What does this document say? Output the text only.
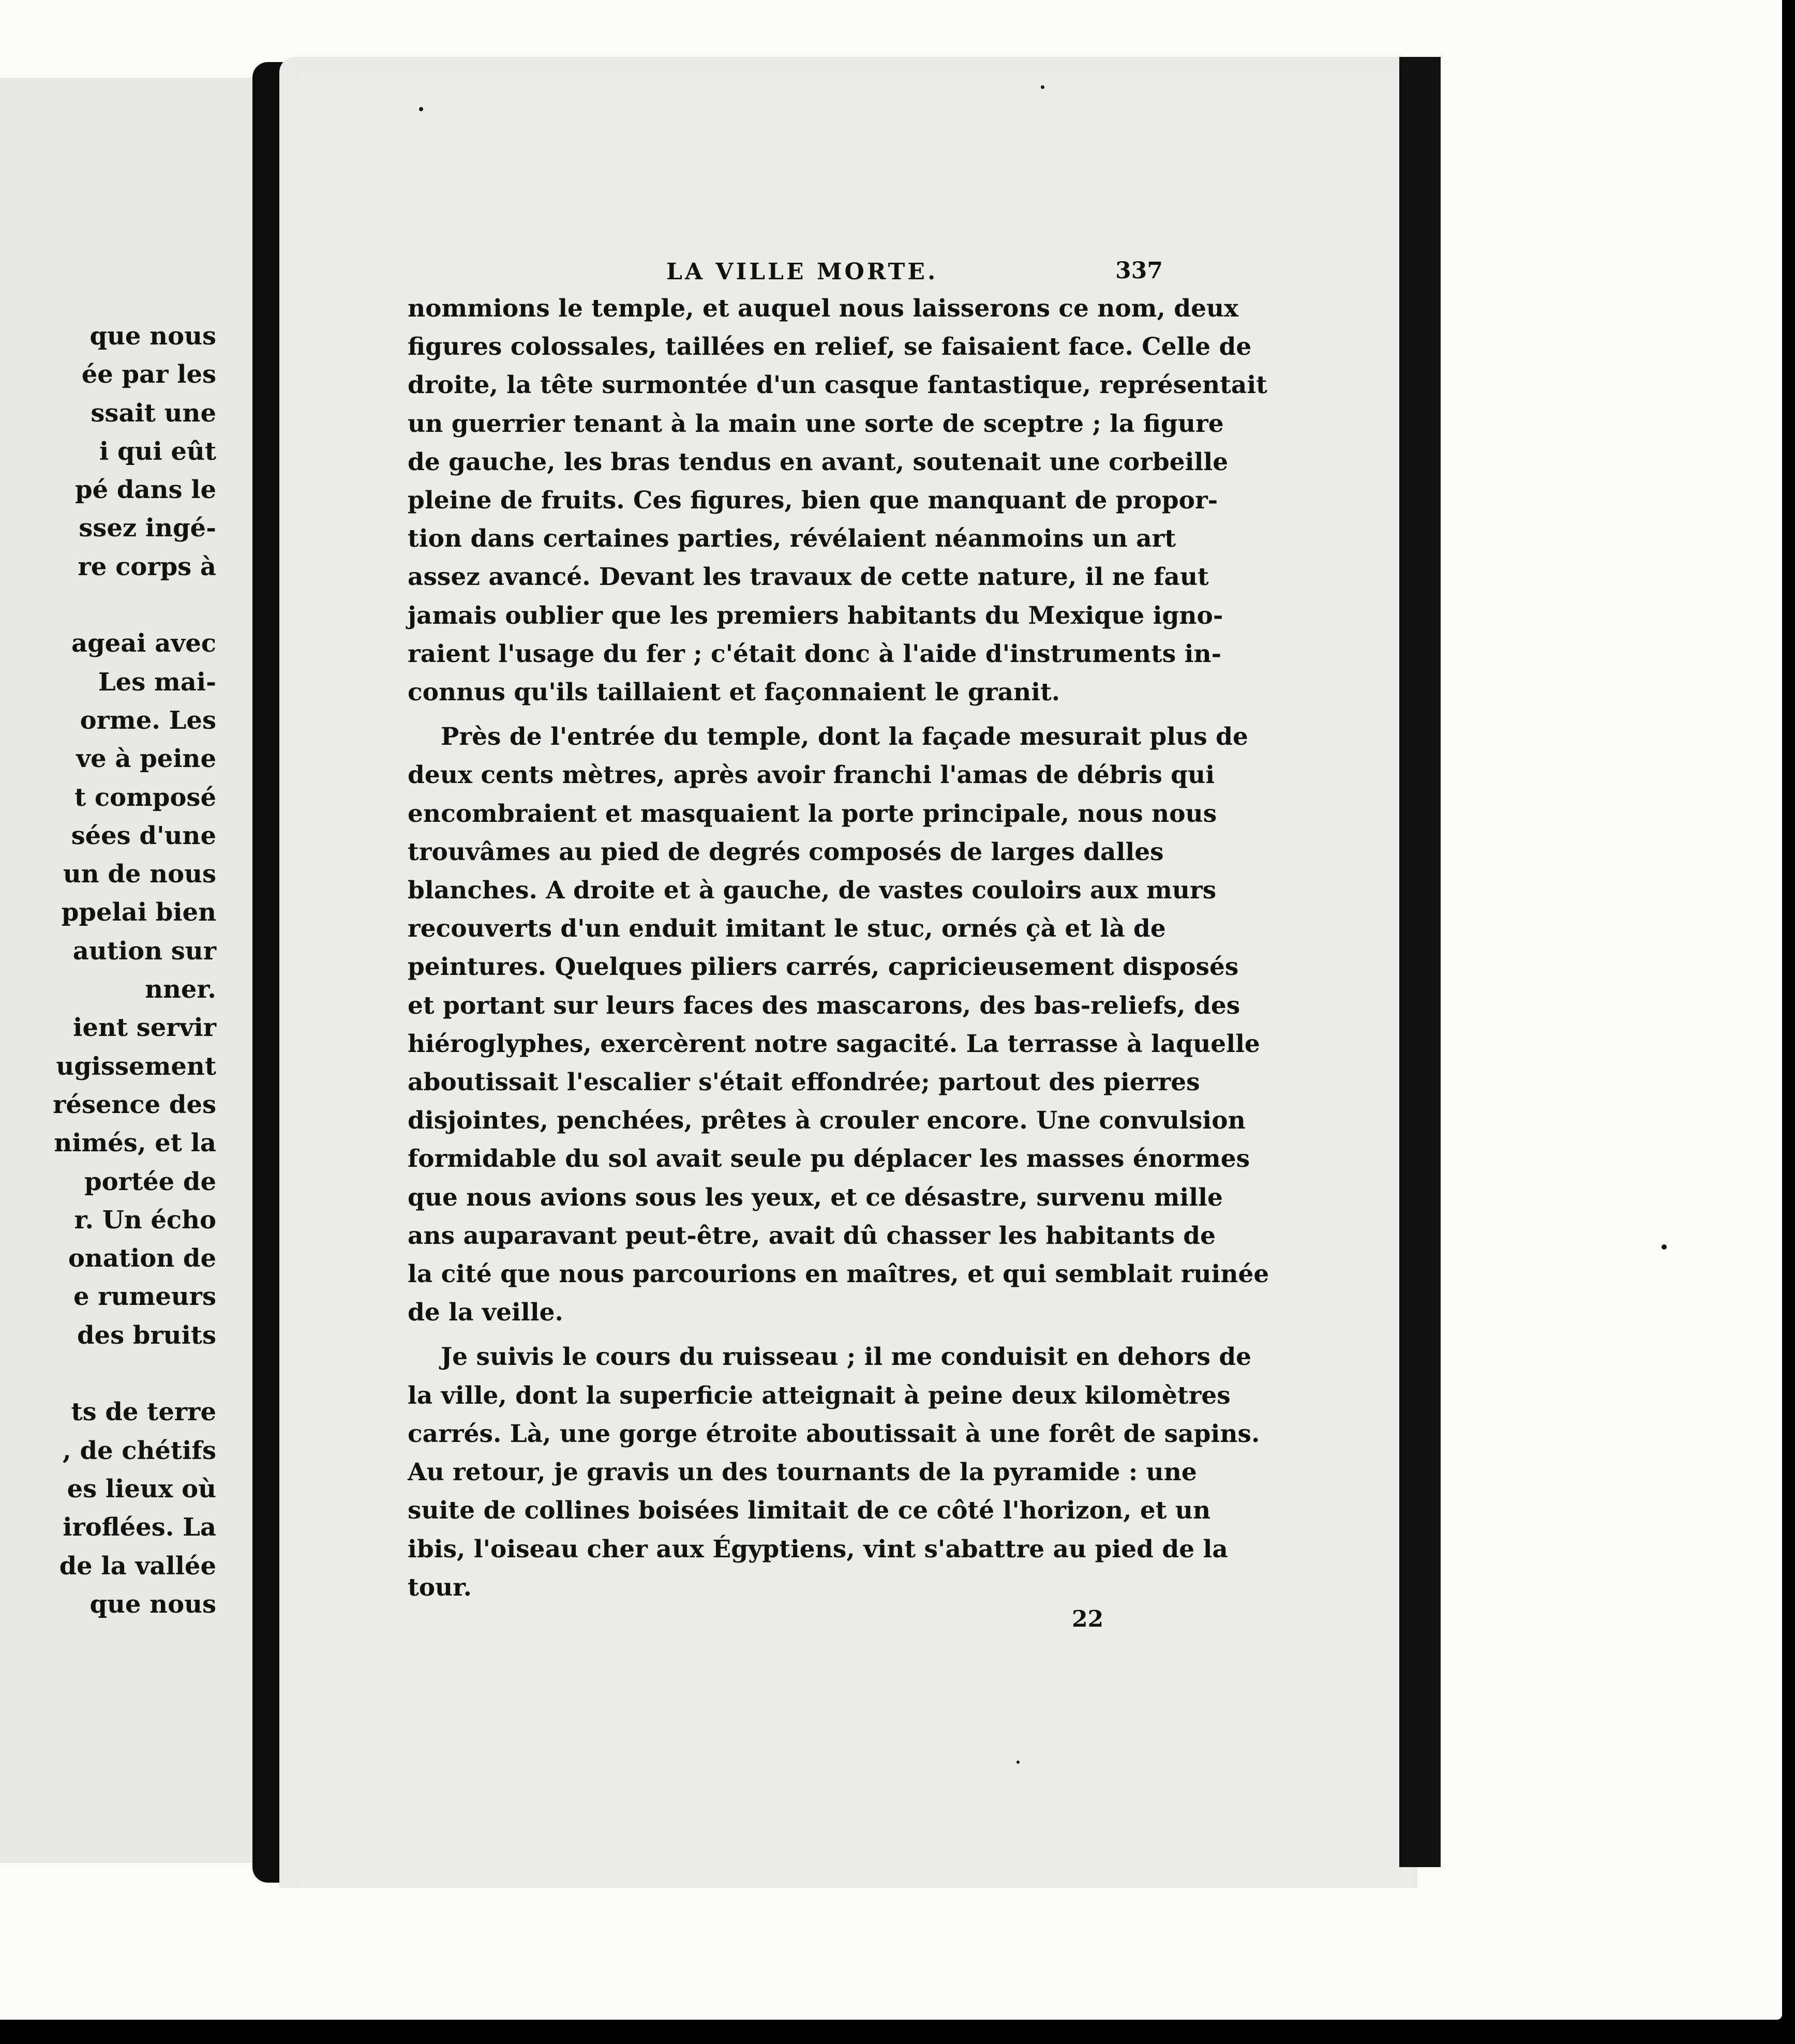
que nous
ée par les
ssait une
i qui eût
pé dans le
ssez ingé-
re corps à

ageai avec
Les mai-
orme. Les
ve à peine
t composé
sées d'une
un de nous
ppelai bien
aution sur
nner.
ient servir
ugissement
résence des
nimés, et la
portée de
r. Un écho
onation de
e rumeurs
des bruits

ts de terre
, de chétifs
es lieux où
iroflées. La
de la vallée
que nous
LA VILLE MORTE.	337
nommions le temple, et auquel nous laisserons ce nom, deux
figures colossales, taillées en relief, se faisaient face. Celle de
droite, la tête surmontée d'un casque fantastique, représentait
un guerrier tenant à la main une sorte de sceptre ; la figure
de gauche, les bras tendus en avant, soutenait une corbeille
pleine de fruits. Ces figures, bien que manquant de propor-
tion dans certaines parties, révélaient néanmoins un art
assez avancé. Devant les travaux de cette nature, il ne faut
jamais oublier que les premiers habitants du Mexique igno-
raient l'usage du fer ; c'était donc à l'aide d'instruments in-
connus qu'ils taillaient et façonnaient le granit.
Près de l'entrée du temple, dont la façade mesurait plus de
deux cents mètres, après avoir franchi l'amas de débris qui
encombraient et masquaient la porte principale, nous nous
trouvâmes au pied de degrés composés de larges dalles
blanches. A droite et à gauche, de vastes couloirs aux murs
recouverts d'un enduit imitant le stuc, ornés çà et là de
peintures. Quelques piliers carrés, capricieusement disposés
et portant sur leurs faces des mascarons, des bas-reliefs, des
hiéroglyphes, exercèrent notre sagacité. La terrasse à laquelle
aboutissait l'escalier s'était effondrée; partout des pierres
disjointes, penchées, prêtes à crouler encore. Une convulsion
formidable du sol avait seule pu déplacer les masses énormes
que nous avions sous les yeux, et ce désastre, survenu mille
ans auparavant peut-être, avait dû chasser les habitants de
la cité que nous parcourions en maîtres, et qui semblait ruinée
de la veille.
Je suivis le cours du ruisseau ; il me conduisit en dehors de
la ville, dont la superficie atteignait à peine deux kilomètres
carrés. Là, une gorge étroite aboutissait à une forêt de sapins.
Au retour, je gravis un des tournants de la pyramide : une
suite de collines boisées limitait de ce côté l'horizon, et un
ibis, l'oiseau cher aux Égyptiens, vint s'abattre au pied de la
tour.
22
